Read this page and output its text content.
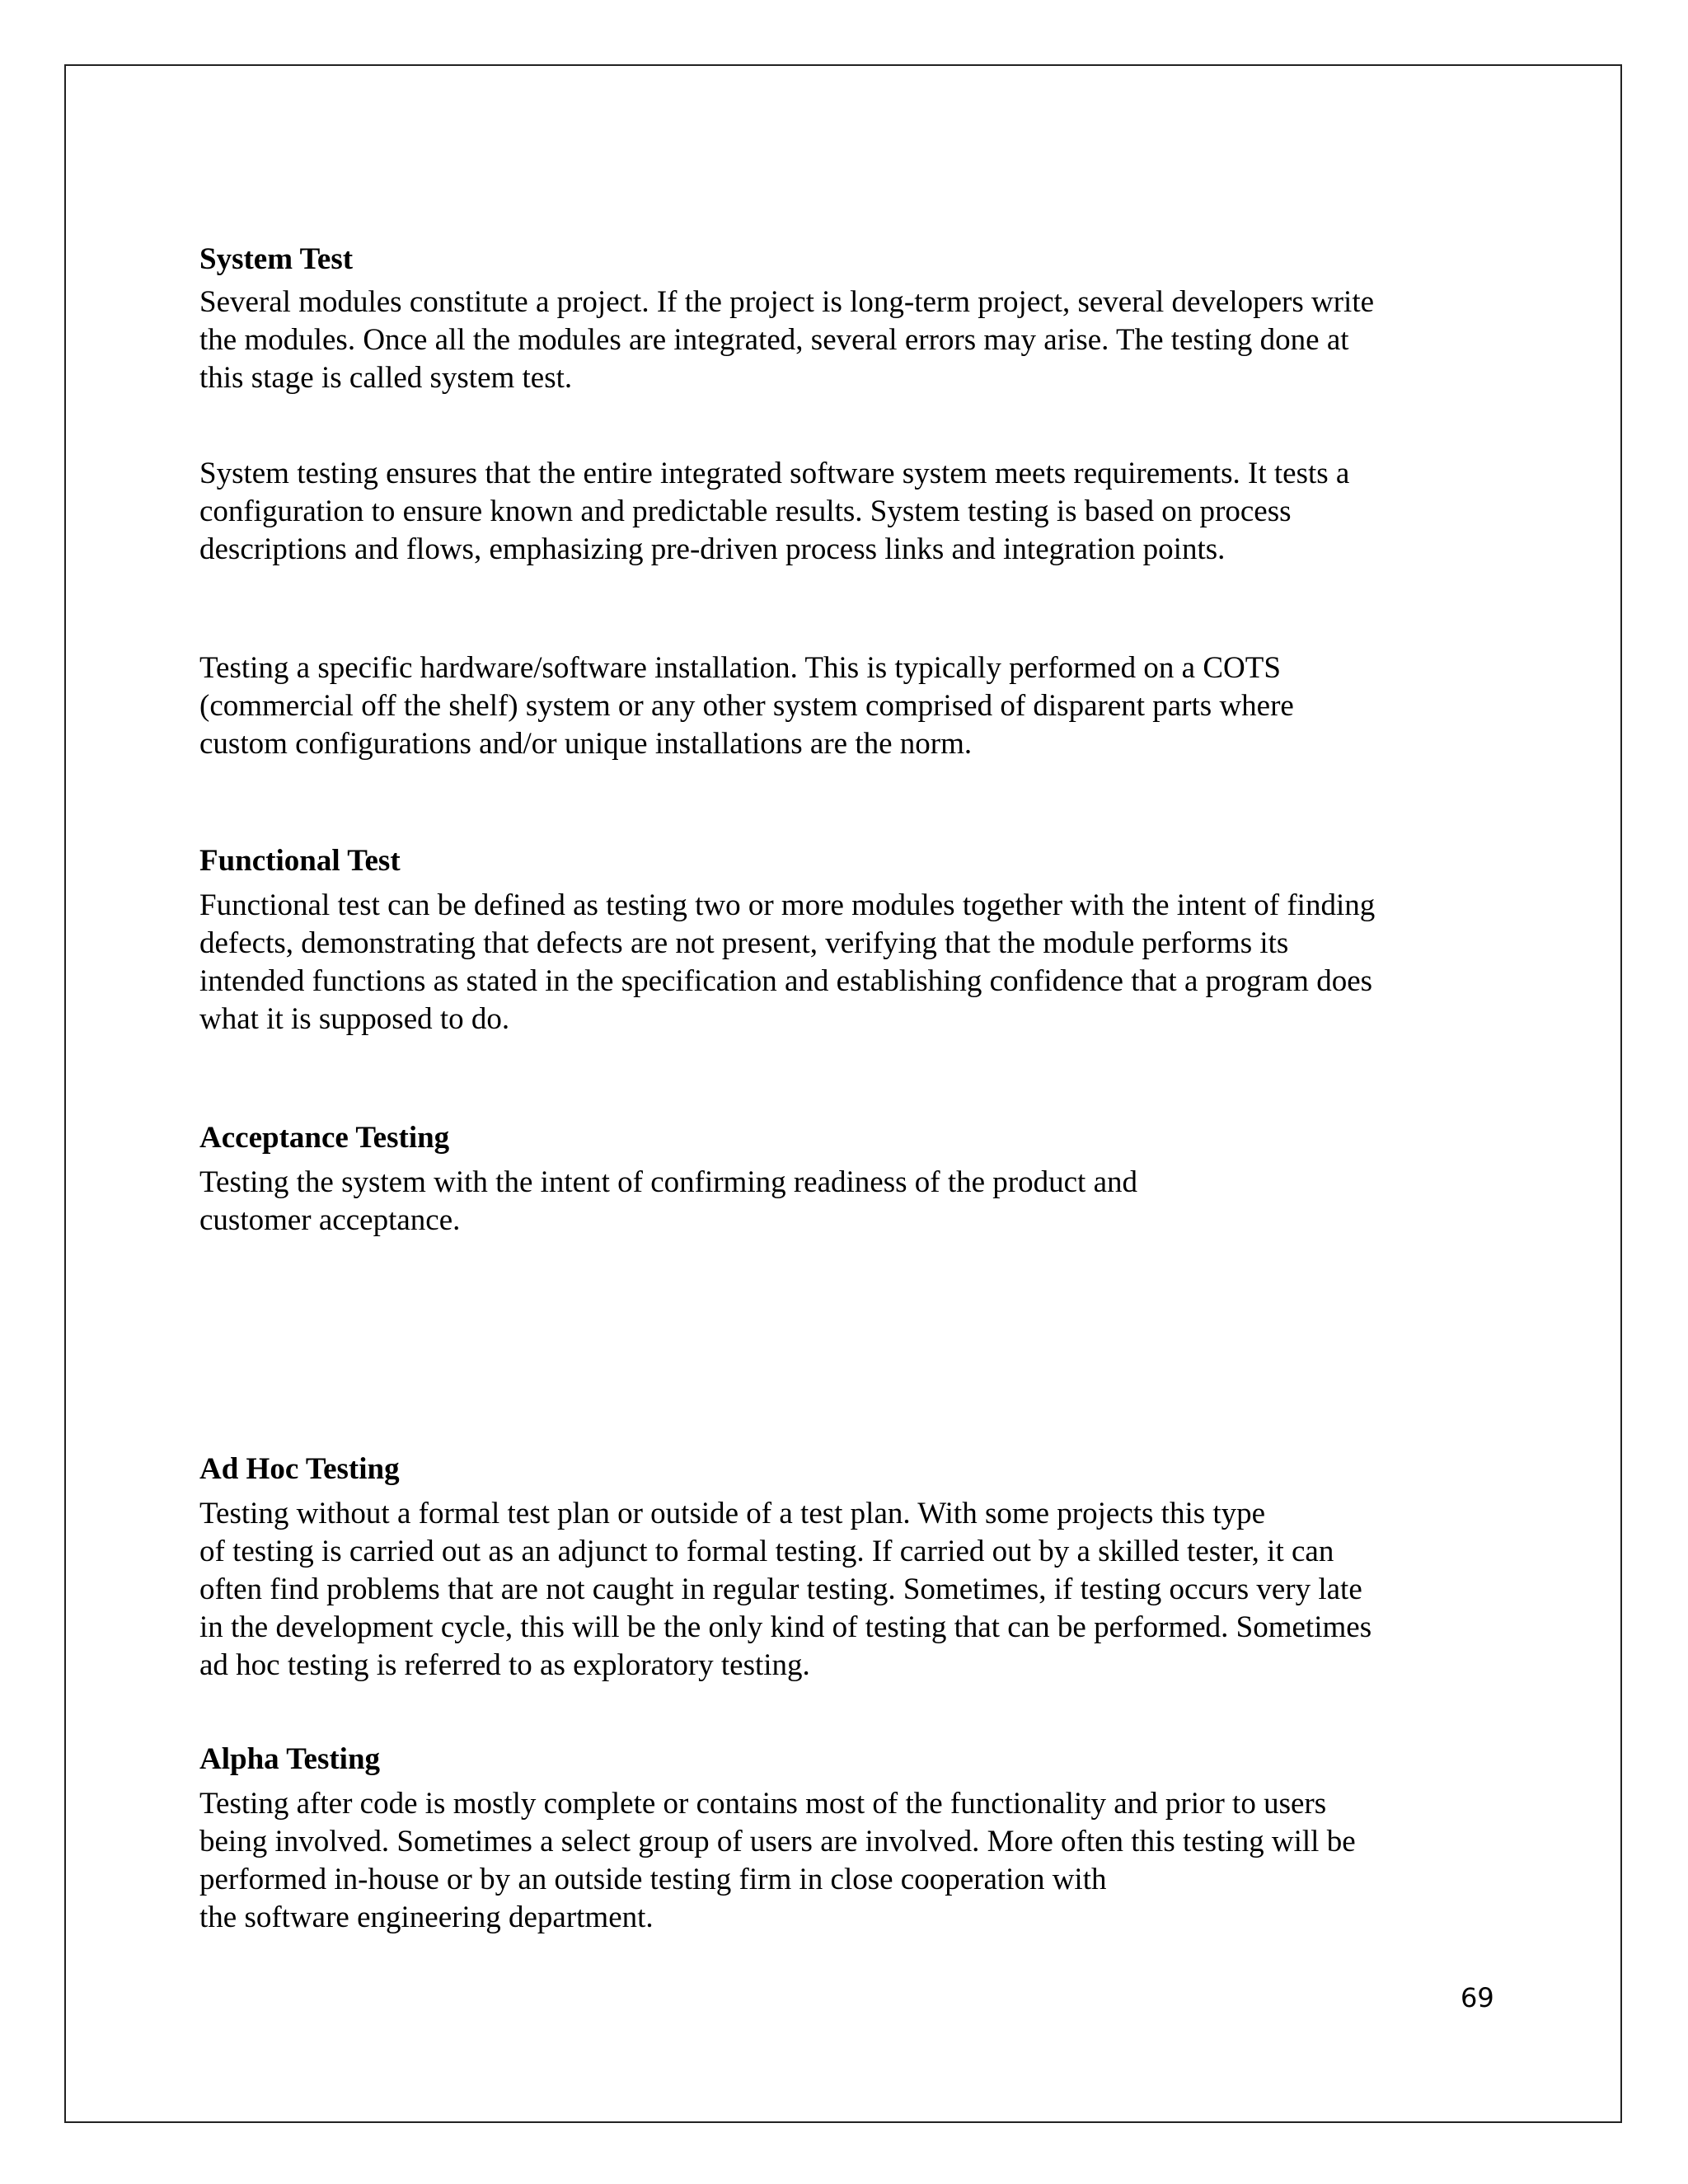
System Test

Several modules constitute a project. If the project is long-term project, several developers write
the modules. Once all the modules are integrated, several errors may arise. The testing done at
this stage is called system test.

System testing ensures that the entire integrated software system meets requirements. It tests a
configuration to ensure known and predictable results. System testing is based on process
descriptions and flows, emphasizing pre-driven process links and integration points.

Testing a specific hardware/software installation. This is typically performed on a COTS
(commercial off the shelf) system or any other system comprised of disparent parts where
custom configurations and/or unique installations are the norm.

Functional Test

Functional test can be defined as testing two or more modules together with the intent of finding
defects, demonstrating that defects are not present, verifying that the module performs its
intended functions as stated in the specification and establishing confidence that a program does
what it is supposed to do.

Acceptance Testing

Testing the system with the intent of confirming readiness of the product and
customer acceptance.

Ad Hoc Testing

Testing without a formal test plan or outside of a test plan. With some projects this type
of testing is carried out as an adjunct to formal testing. If carried out by a skilled tester, it can
often find problems that are not caught in regular testing. Sometimes, if testing occurs very late
in the development cycle, this will be the only kind of testing that can be performed. Sometimes
ad hoc testing is referred to as exploratory testing.

Alpha Testing

Testing after code is mostly complete or contains most of the functionality and prior to users
being involved. Sometimes a select group of users are involved. More often this testing will be
performed in-house or by an outside testing firm in close cooperation with
the software engineering department.

69
